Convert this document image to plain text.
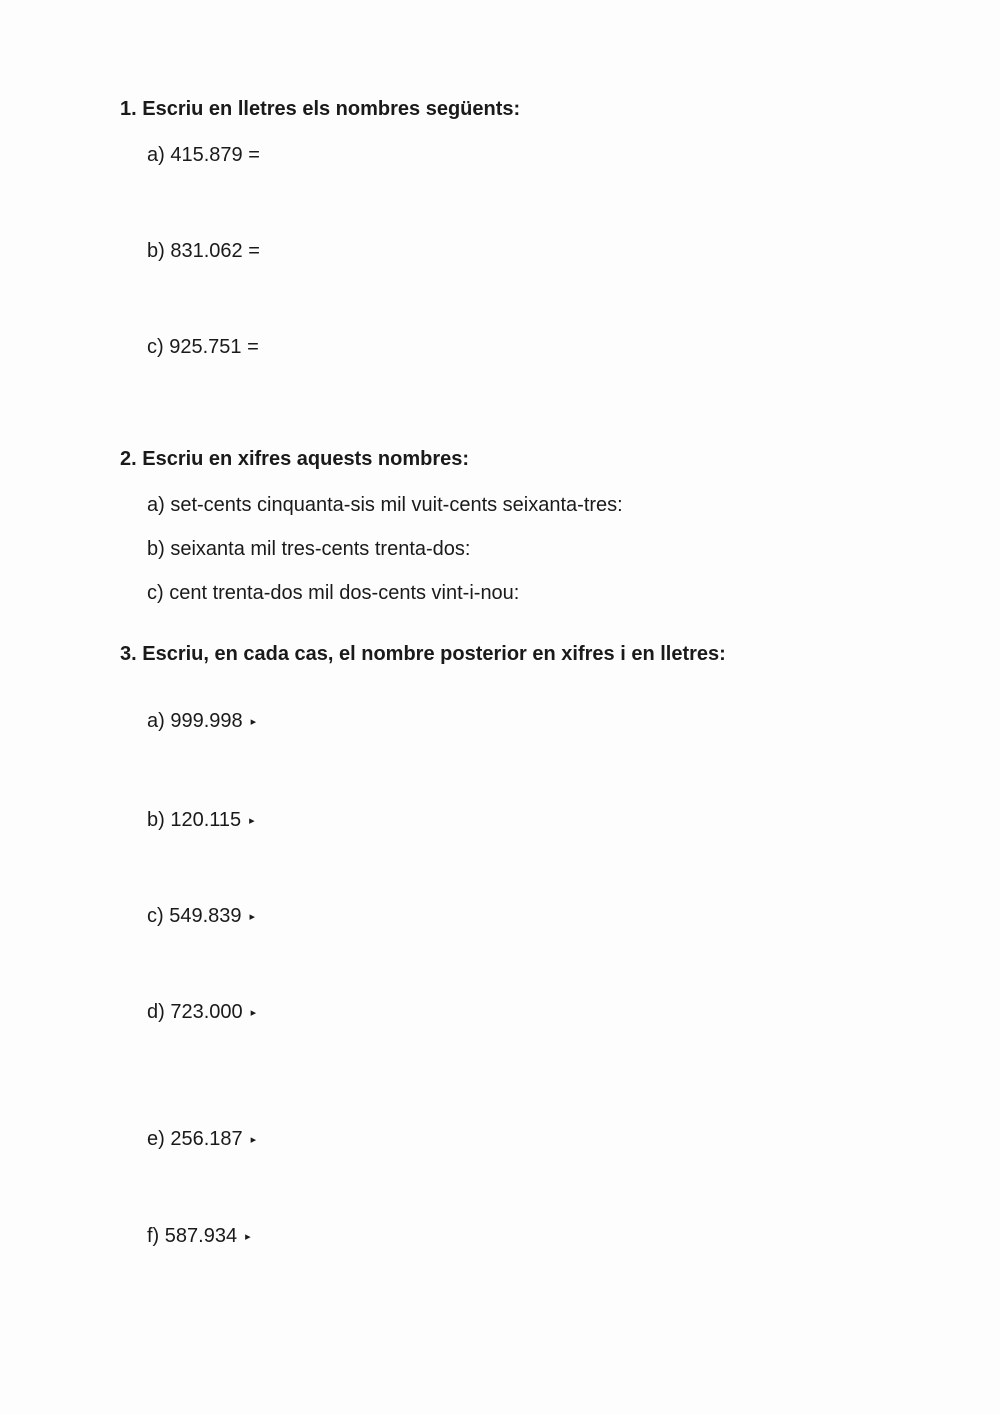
1. Escriu en lletres els nombres següents:
a) 415.879 =
b) 831.062 =
c) 925.751 =
2. Escriu en xifres aquests nombres:
a) set-cents cinquanta-sis mil vuit-cents seixanta-tres:
b) seixanta mil tres-cents trenta-dos:
c) cent trenta-dos mil dos-cents vint-i-nou:
3. Escriu, en cada cas, el nombre posterior en xifres i en lletres:
a) 999.998 ▸
b) 120.115 ▸
c) 549.839 ▸
d) 723.000 ▸
e) 256.187 ▸
f) 587.934 ▸
